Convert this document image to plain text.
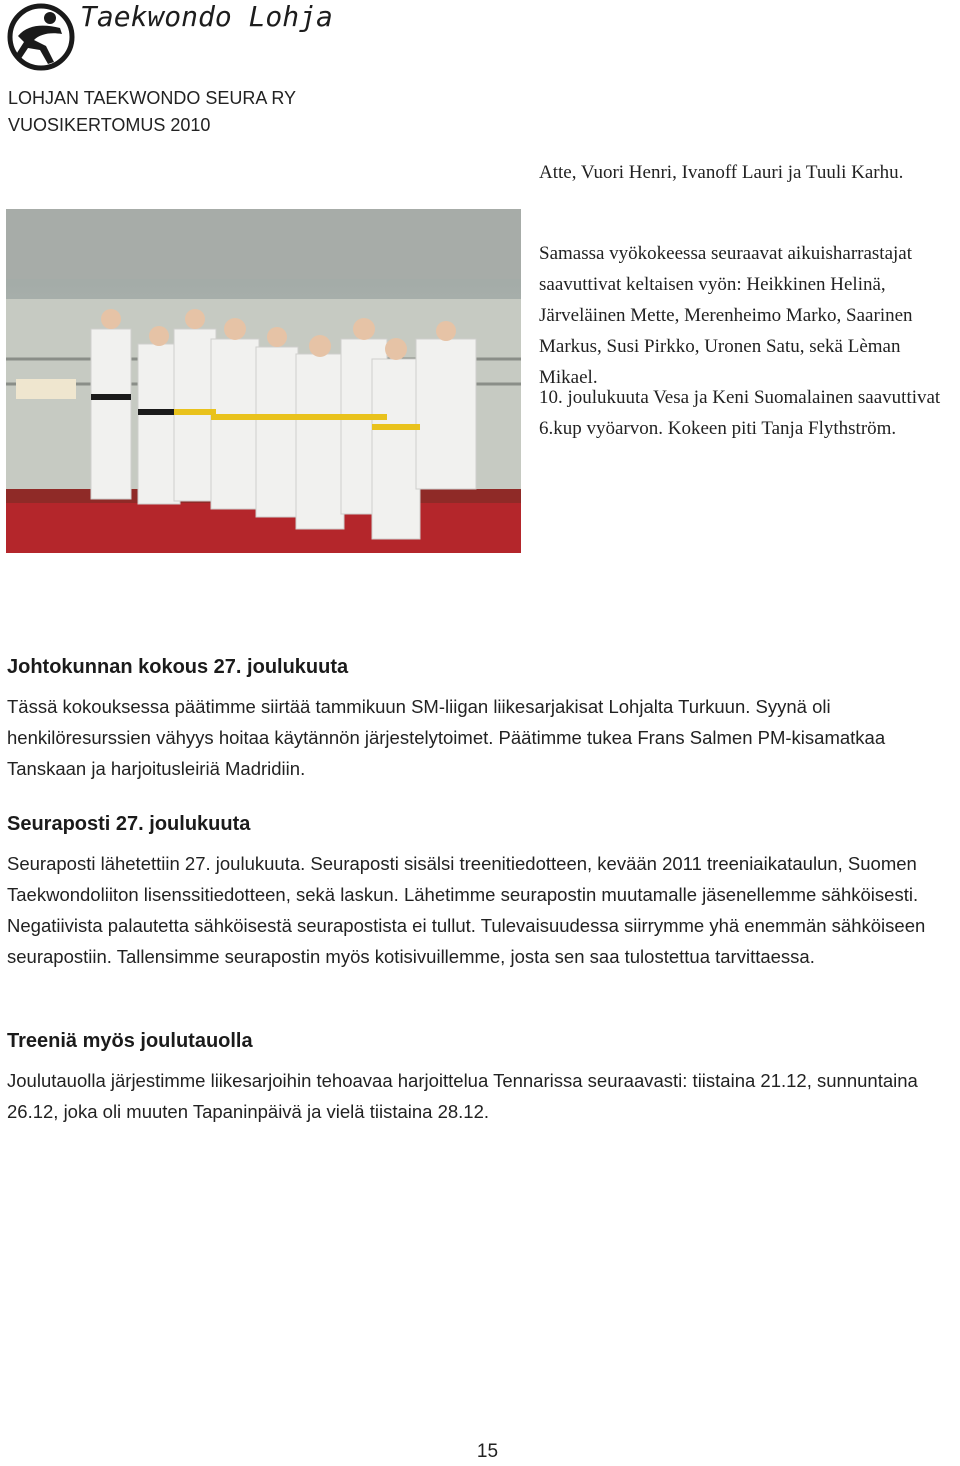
Taekwondo Lohja
LOHJAN TAEKWONDO SEURA RY
VUOSIKERTOMUS 2010

Atte, Vuori Henri, Ivanoff Lauri ja Tuuli Karhu.

Samassa vyökokeessa seuraavat aikuisharrastajat saavuttivat keltaisen vyön: Heikkinen Helinä, Järveläinen Mette, Merenheimo Marko, Saarinen Markus, Susi Pirkko, Uronen Satu, sekä Lèman Mikael.

10. joulukuuta Vesa ja Keni Suomalainen saavuttivat 6.kup vyöarvon. Kokeen piti Tanja Flythström.

Johtokunnan kokous 27. joulukuuta

Tässä kokouksessa päätimme siirtää tammikuun SM-liigan liikesarjakisat Lohjalta Turkuun. Syynä oli henkilöresurssien vähyys hoitaa käytännön järjestelytoimet. Päätimme tukea Frans Salmen PM-kisamatkaa Tanskaan ja harjoitusleiriä Madridiin.

Seuraposti 27. joulukuuta

Seuraposti lähetettiin 27. joulukuuta. Seuraposti sisälsi treenitiedotteen, kevään 2011 treeniaikataulun, Suomen Taekwondoliiton lisenssitiedotteen, sekä laskun. Lähetimme seurapostin muutamalle jäsenellemme sähköisesti. Negatiivista palautetta sähköisestä seurapostista ei tullut. Tulevaisuudessa siirrymme yhä enemmän sähköiseen seurapostiin. Tallensimme seurapostin myös kotisivuillemme, josta sen saa tulostettua tarvittaessa.

Treeniä myös joulutauolla

Joulutauolla järjestimme liikesarjoihin tehoavaa harjoittelua Tennarissa seuraavasti: tiistaina 21.12, sunnuntaina 26.12, joka oli muuten Tapaninpäivä ja vielä tiistaina 28.12.

15
